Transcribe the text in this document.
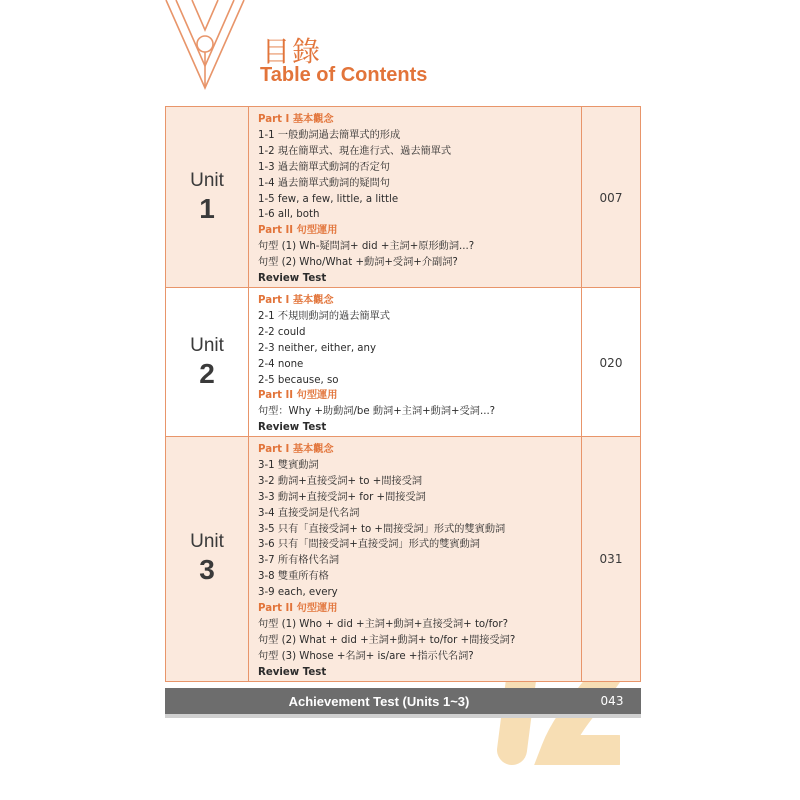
目錄
Table of Contents
Unit
1
Part I 基本觀念
1-1 一般動詞過去簡單式的形成
1-2 現在簡單式、現在進行式、過去簡單式
1-3 過去簡單式動詞的否定句
1-4 過去簡單式動詞的疑問句
1-5 few, a few, little, a little
1-6 all, both
Part II 句型運用
句型 (1) Wh-疑問詞+ did +主詞+原形動詞...?
句型 (2) Who/What +動詞+受詞+介副詞?
Review Test
007
Unit
2
Part I 基本觀念
2-1 不規則動詞的過去簡單式
2-2 could
2-3 neither, either, any
2-4 none
2-5 because, so
Part II 句型運用
句型：Why +助動詞/be 動詞+主詞+動詞+受詞...?
Review Test
020
Unit
3
Part I 基本觀念
3-1 雙賓動詞
3-2 動詞+直接受詞+ to +間接受詞
3-3 動詞+直接受詞+ for +間接受詞
3-4 直接受詞是代名詞
3-5 只有「直接受詞+ to +間接受詞」形式的雙賓動詞
3-6 只有「間接受詞+直接受詞」形式的雙賓動詞
3-7 所有格代名詞
3-8 雙重所有格
3-9 each, every
Part II 句型運用
句型 (1) Who + did +主詞+動詞+直接受詞+ to/for?
句型 (2) What + did +主詞+動詞+ to/for +間接受詞?
句型 (3) Whose +名詞+ is/are +指示代名詞?
Review Test
031
Achievement Test (Units 1~3)	043
